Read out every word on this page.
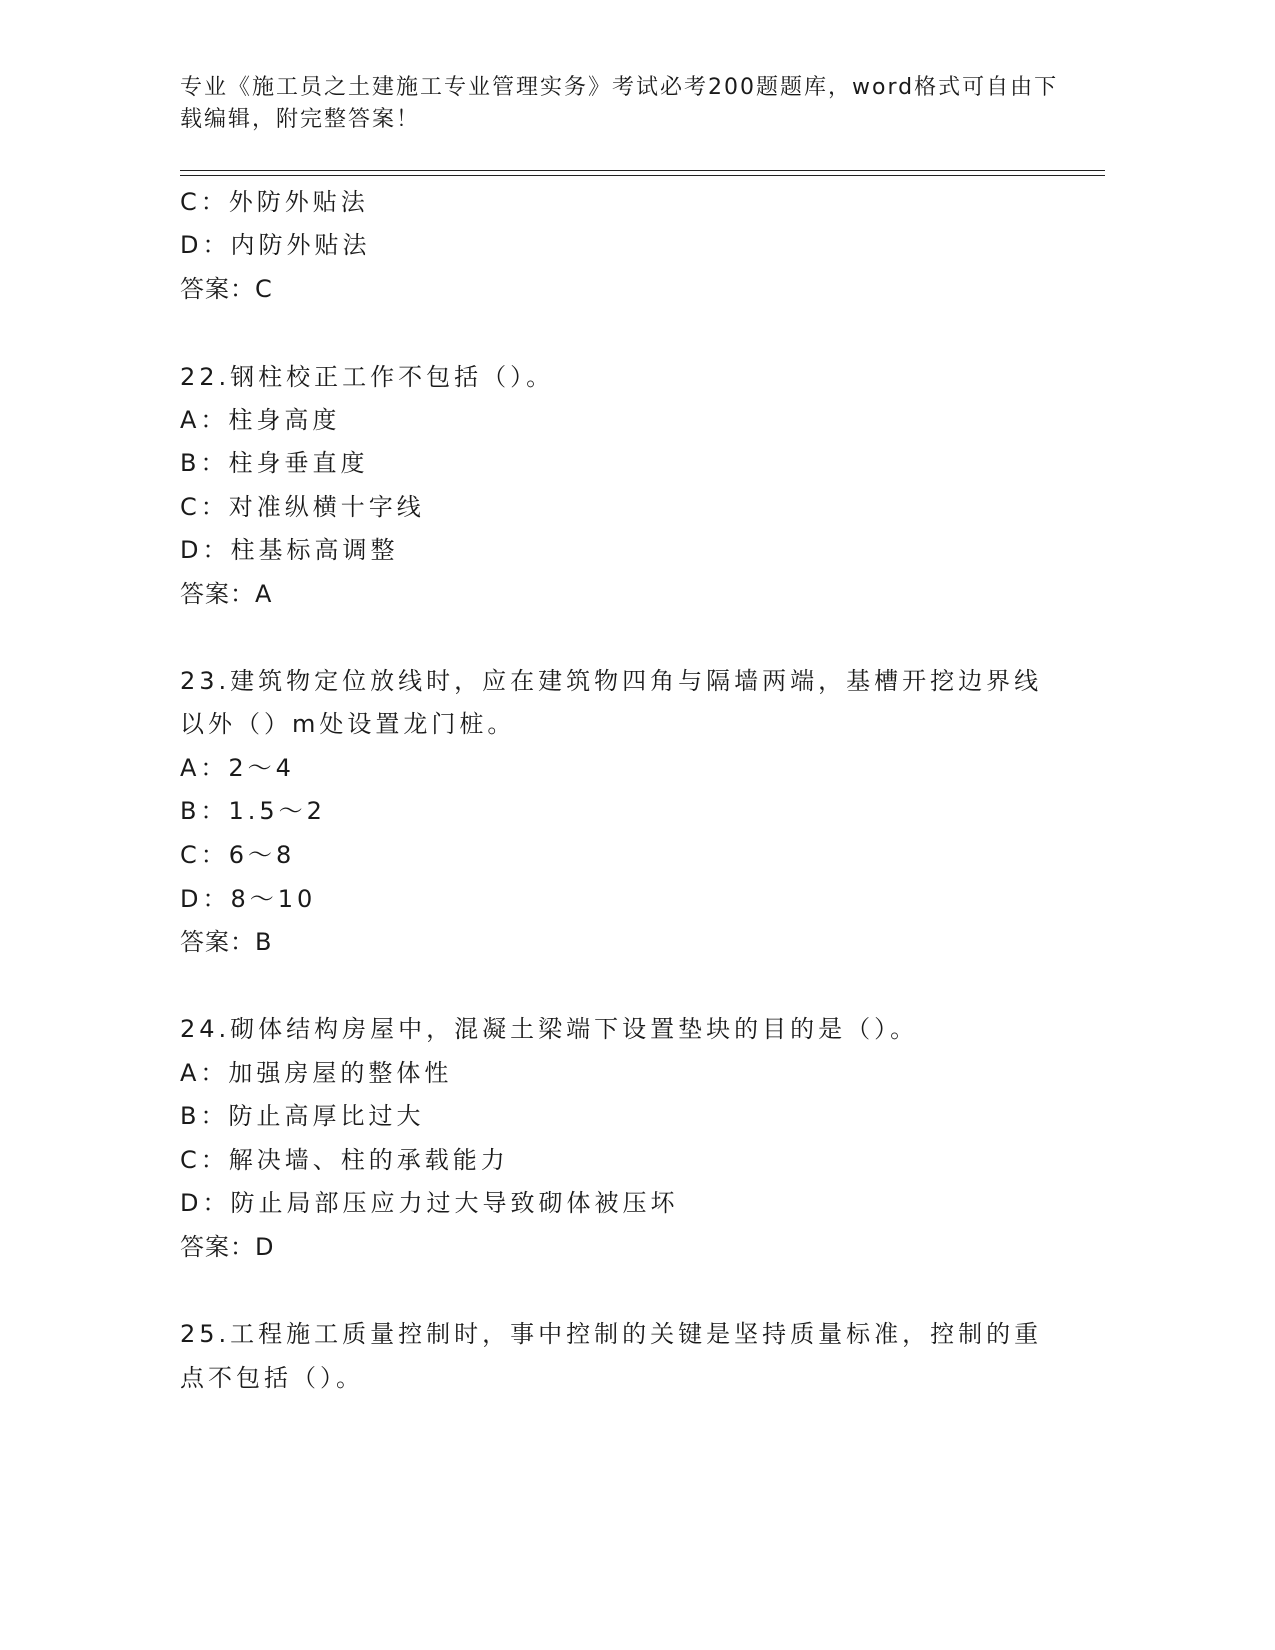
专业《施工员之土建施工专业管理实务》考试必考200题题库，word格式可自由下载编辑，附完整答案！
C：外防外贴法
D：内防外贴法
答案：C
22.钢柱校正工作不包括（）。
A：柱身高度
B：柱身垂直度
C：对准纵横十字线
D：柱基标高调整
答案：A
23.建筑物定位放线时，应在建筑物四角与隔墙两端，基槽开挖边界线
以外（）m处设置龙门桩。
A：2～4
B：1.5～2
C：6～8
D：8～10
答案：B
24.砌体结构房屋中，混凝土梁端下设置垫块的目的是（）。
A：加强房屋的整体性
B：防止高厚比过大
C：解决墙、柱的承载能力
D：防止局部压应力过大导致砌体被压坏
答案：D
25.工程施工质量控制时，事中控制的关键是坚持质量标准，控制的重
点不包括（）。
